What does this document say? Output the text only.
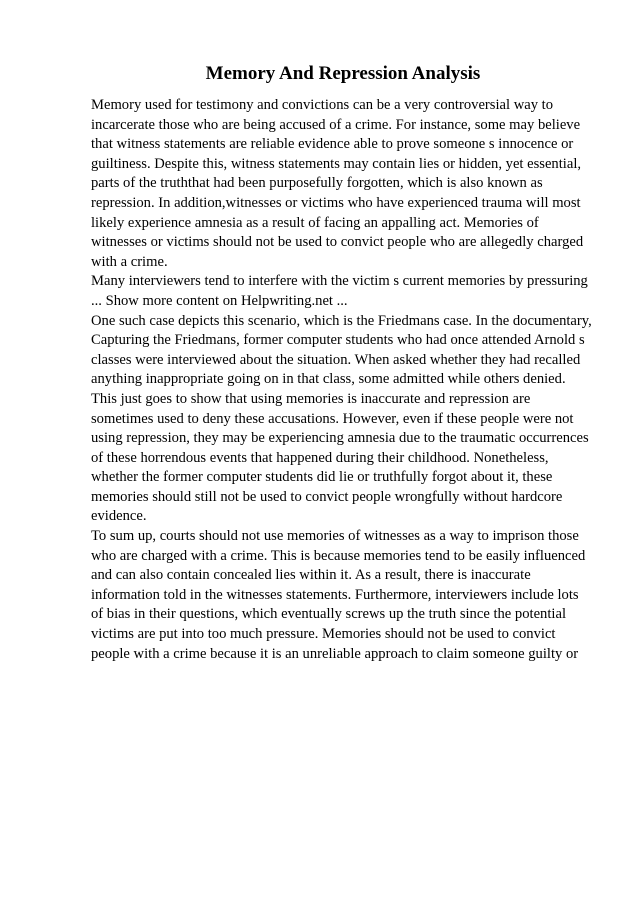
Memory And Repression Analysis
Memory used for testimony and convictions can be a very controversial way to
incarcerate those who are being accused of a crime. For instance, some may believe
that witness statements are reliable evidence able to prove someone s innocence or
guiltiness. Despite this, witness statements may contain lies or hidden, yet essential,
parts of the truththat had been purposefully forgotten, which is also known as
repression. In addition,witnesses or victims who have experienced trauma will most
likely experience amnesia as a result of facing an appalling act. Memories of
witnesses or victims should not be used to convict people who are allegedly charged
with a crime.
Many interviewers tend to interfere with the victim s current memories by pressuring
... Show more content on Helpwriting.net ...
One such case depicts this scenario, which is the Friedmans case. In the documentary,
Capturing the Friedmans, former computer students who had once attended Arnold s
classes were interviewed about the situation. When asked whether they had recalled
anything inappropriate going on in that class, some admitted while others denied.
This just goes to show that using memories is inaccurate and repression are
sometimes used to deny these accusations. However, even if these people were not
using repression, they may be experiencing amnesia due to the traumatic occurrences
of these horrendous events that happened during their childhood. Nonetheless,
whether the former computer students did lie or truthfully forgot about it, these
memories should still not be used to convict people wrongfully without hardcore
evidence.
To sum up, courts should not use memories of witnesses as a way to imprison those
who are charged with a crime. This is because memories tend to be easily influenced
and can also contain concealed lies within it. As a result, there is inaccurate
information told in the witnesses statements. Furthermore, interviewers include lots
of bias in their questions, which eventually screws up the truth since the potential
victims are put into too much pressure. Memories should not be used to convict
people with a crime because it is an unreliable approach to claim someone guilty or
